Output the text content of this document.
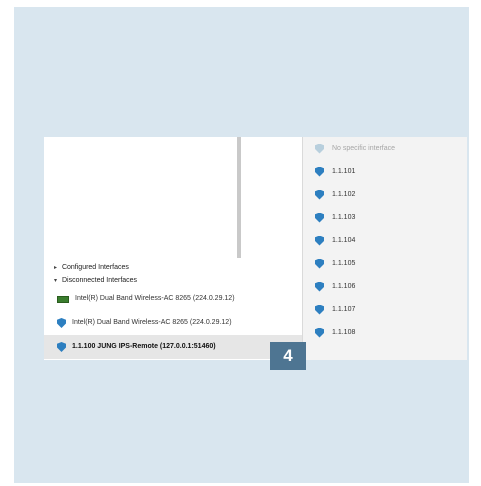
▸ Configured Interfaces
▾ Disconnected Interfaces
Intel(R) Dual Band Wireless-AC 8265 (224.0.29.12)
Intel(R) Dual Band Wireless-AC 8265 (224.0.29.12)
1.1.100 JUNG IPS-Remote (127.0.0.1:51460)
No specific interface
1.1.101
1.1.102
1.1.103
1.1.104
1.1.105
1.1.106
1.1.107
1.1.108
4
